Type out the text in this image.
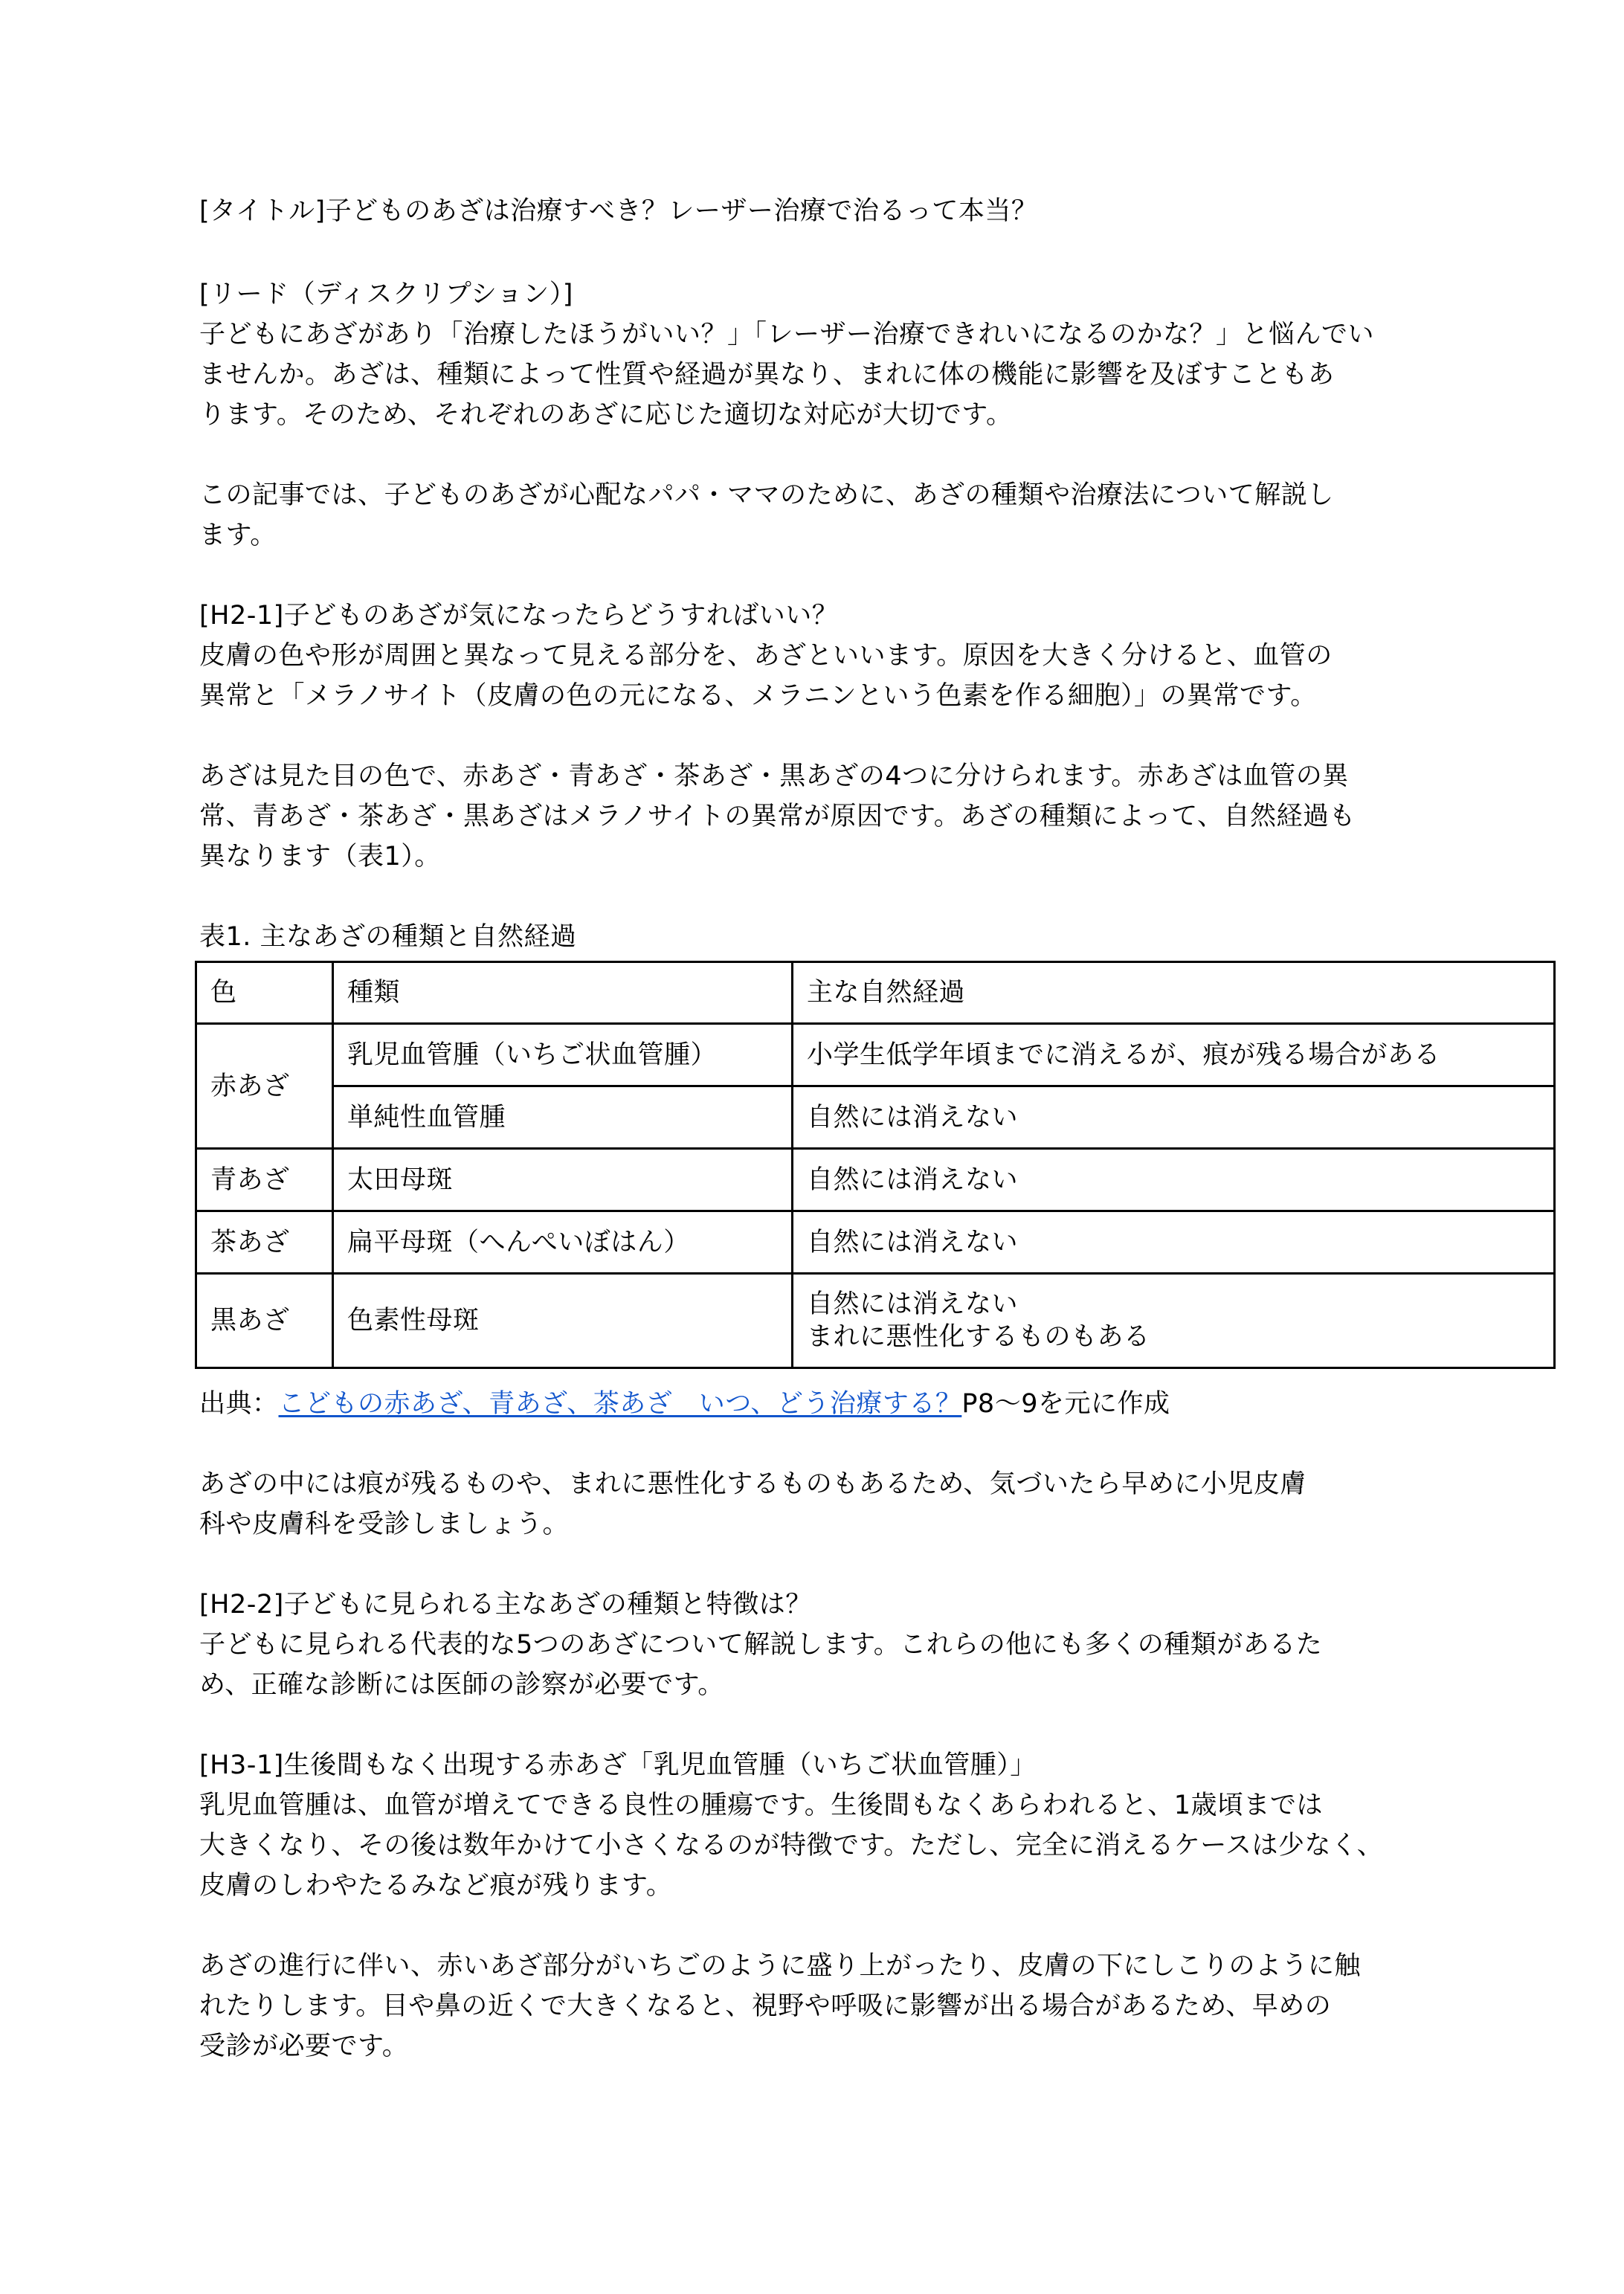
[タイトル]子どものあざは治療すべき？レーザー治療で治るって本当？
[リード（ディスクリプション）]
子どもにあざがあり「治療したほうがいい？」「レーザー治療できれいになるのかな？」と悩んでい
ませんか。あざは、種類によって性質や経過が異なり、まれに体の機能に影響を及ぼすこともあ
ります。そのため、それぞれのあざに応じた適切な対応が大切です。
この記事では、子どものあざが心配なパパ・ママのために、あざの種類や治療法について解説し
ます。
[H2-1]子どものあざが気になったらどうすればいい？
皮膚の色や形が周囲と異なって見える部分を、あざといいます。原因を大きく分けると、血管の
異常と「メラノサイト（皮膚の色の元になる、メラニンという色素を作る細胞）」の異常です。
あざは見た目の色で、赤あざ・青あざ・茶あざ・黒あざの4つに分けられます。赤あざは血管の異
常、青あざ・茶あざ・黒あざはメラノサイトの異常が原因です。あざの種類によって、自然経過も
異なります（表1）。
表1. 主なあざの種類と自然経過
色	種類	主な自然経過
赤あざ	乳児血管腫（いちご状血管腫）	小学生低学年頃までに消えるが、痕が残る場合がある
	単純性血管腫	自然には消えない
青あざ	太田母斑	自然には消えない
茶あざ	扁平母斑（へんぺいぼはん）	自然には消えない
黒あざ	色素性母斑	自然には消えない
まれに悪性化するものもある
出典：こどもの赤あざ、青あざ、茶あざ　いつ、どう治療する？P8〜9を元に作成
あざの中には痕が残るものや、まれに悪性化するものもあるため、気づいたら早めに小児皮膚
科や皮膚科を受診しましょう。
[H2-2]子どもに見られる主なあざの種類と特徴は？
子どもに見られる代表的な5つのあざについて解説します。これらの他にも多くの種類があるた
め、正確な診断には医師の診察が必要です。
[H3-1]生後間もなく出現する赤あざ「乳児血管腫（いちご状血管腫）」
乳児血管腫は、血管が増えてできる良性の腫瘍です。生後間もなくあらわれると、1歳頃までは
大きくなり、その後は数年かけて小さくなるのが特徴です。ただし、完全に消えるケースは少なく、
皮膚のしわやたるみなど痕が残ります。
あざの進行に伴い、赤いあざ部分がいちごのように盛り上がったり、皮膚の下にしこりのように触
れたりします。目や鼻の近くで大きくなると、視野や呼吸に影響が出る場合があるため、早めの
受診が必要です。
